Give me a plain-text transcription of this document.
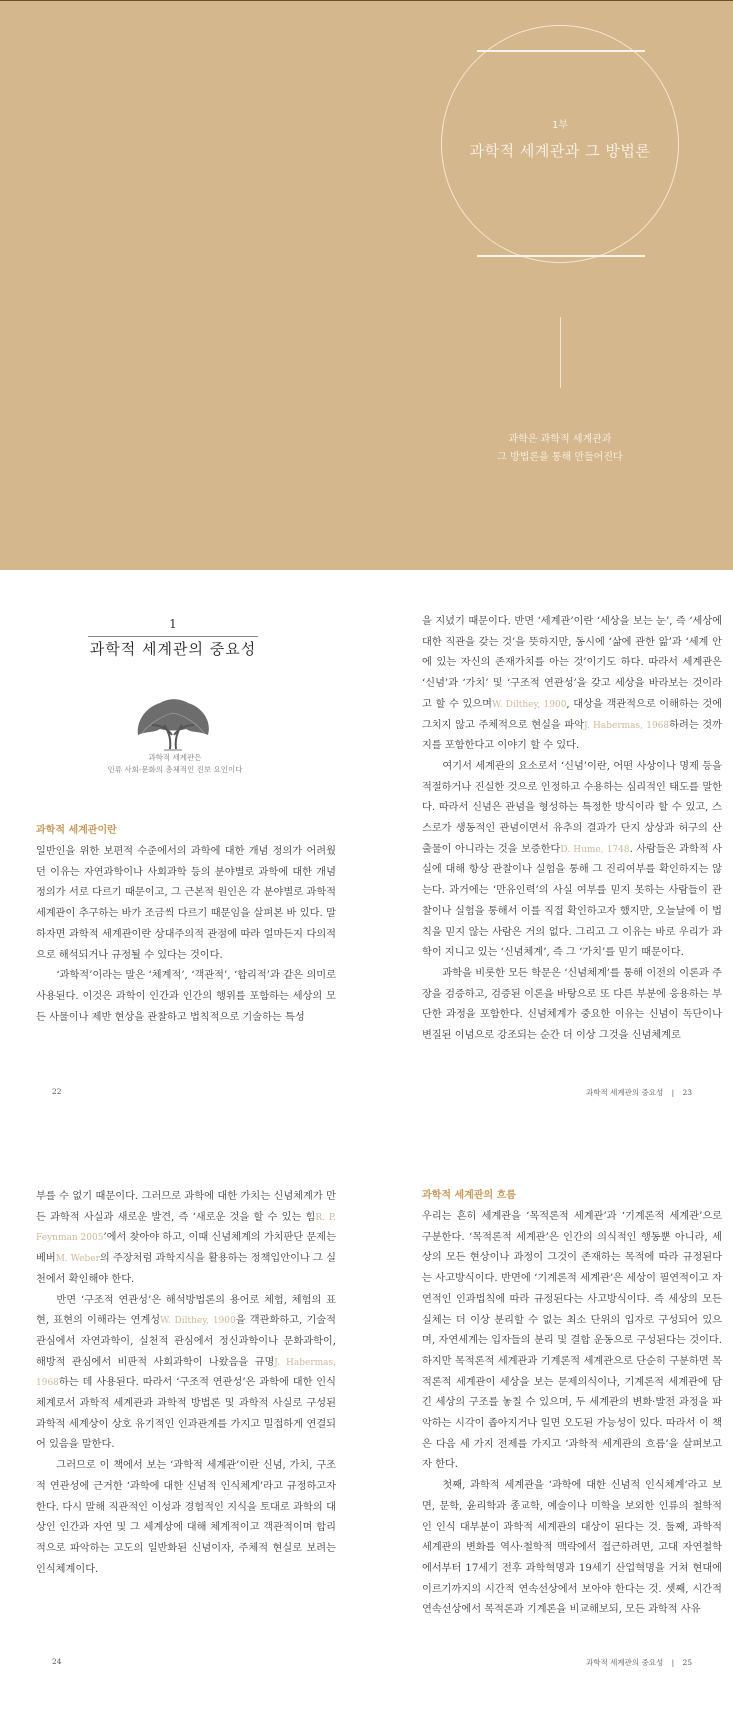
1부
과학적 세계관과 그 방법론
과학은 과학적 세계관과
그 방법론을 통해 만들어진다
1
과학적 세계관의 중요성
과학적 세계관은
인류 사회·문화의 총체적인 진보 요인이다
과학적 세계관이란

일반인을 위한 보편적 수준에서의 과학에 대한 개념 정의가 어려웠던 이유는 자연과학이나 사회과학 등의 분야별로 과학에 대한 개념 정의가 서로 다르기 때문이고, 그 근본적 원인은 각 분야별로 과학적 세계관이 추구하는 바가 조금씩 다르기 때문임을 살펴본 바 있다. 말하자면 과학적 세계관이란 상대주의적 관점에 따라 얼마든지 다의적으로 해석되거나 규정될 수 있다는 것이다.

‘과학적’이라는 말은 ‘체계적’, ‘객관적’, ‘합리적’과 같은 의미로 사용된다. 이것은 과학이 인간과 인간의 행위를 포함하는 세상의 모든 사물이나 제반 현상을 관찰하고 법칙적으로 기술하는 특성

22

을 지녔기 때문이다. 반면 ‘세계관’이란 ‘세상을 보는 눈’, 즉 ‘세상에 대한 직관을 갖는 것’을 뜻하지만, 동시에 ‘삶에 관한 앎’과 ‘세계 안에 있는 자신의 존재가치를 아는 것’이기도 하다. 따라서 세계관은 ‘신념’과 ‘가치’ 및 ‘구조적 연관성’을 갖고 세상을 바라보는 것이라고 할 수 있으며W. Dilthey, 1900, 대상을 객관적으로 이해하는 것에 그치지 않고 주체적으로 현실을 파악J. Habermas, 1968하려는 것까지를 포함한다고 이야기 할 수 있다.

여기서 세계관의 요소로서 ‘신념’이란, 어떤 사상이나 명제 등을 적절하거나 진실한 것으로 인정하고 수용하는 심리적인 태도를 말한다. 따라서 신념은 관념을 형성하는 특정한 방식이라 할 수 있고, 스스로가 생동적인 관념이면서 유추의 결과가 단지 상상과 허구의 산출물이 아니라는 것을 보증한다D. Hume, 1748. 사람들은 과학적 사실에 대해 항상 관찰이나 실험을 통해 그 진리여부를 확인하지는 않는다. 과거에는 ‘만유인력’의 사실 여부를 믿지 못하는 사람들이 관찰이나 실험을 통해서 이를 직접 확인하고자 했지만, 오늘날에 이 법칙을 믿지 않는 사람은 거의 없다. 그리고 그 이유는 바로 우리가 과학이 지니고 있는 ‘신념체계’, 즉 그 ‘가치’를 믿기 때문이다.

과학을 비롯한 모든 학문은 ‘신념체계’를 통해 이전의 이론과 주장을 검증하고, 검증된 이론을 바탕으로 또 다른 부분에 응용하는 부단한 과정을 포함한다. 신념체계가 중요한 이유는 신념이 독단이나 변질된 이념으로 강조되는 순간 더 이상 그것을 신념체계로

과학적 세계관의 중요성 | 23

부를 수 없기 때문이다. 그러므로 과학에 대한 가치는 신념체계가 만든 과학적 사실과 새로운 발견, 즉 ‘새로운 것을 할 수 있는 힘R. P. Feynman 2005’에서 찾아야 하고, 이때 신념체계의 가치판단 문제는 베버M. Weber의 주장처럼 과학지식을 활용하는 정책입안이나 그 실천에서 확인해야 한다.

반면 ‘구조적 연관성’은 해석방법론의 용어로 체험, 체험의 표현, 표현의 이해라는 연계성W. Dilthey, 1900을 객관화하고, 기술적 관심에서 자연과학이, 실천적 관심에서 정신과학이나 문화과학이, 해방적 관심에서 비판적 사회과학이 나왔음을 규명J. Habermas, 1968하는 데 사용된다. 따라서 ‘구조적 연관성’은 과학에 대한 인식체계로서 과학적 세계관과 과학적 방법론 및 과학적 사실로 구성된 과학적 세계상이 상호 유기적인 인과관계를 가지고 밀접하게 연결되어 있음을 말한다.

그러므로 이 책에서 보는 ‘과학적 세계관’이란 신념, 가치, 구조적 연관성에 근거한 ‘과학에 대한 신념적 인식체계’라고 규정하고자 한다. 다시 말해 직관적인 이성과 경험적인 지식을 토대로 과학의 대상인 인간과 자연 및 그 세계상에 대해 체계적이고 객관적이며 합리적으로 파악하는 고도의 일반화된 신념이자, 주체적 현실로 보려는 인식체계이다.

24
과학적 세계관의 흐름

우리는 흔히 세계관을 ‘목적론적 세계관’과 ‘기계론적 세계관’으로 구분한다. ‘목적론적 세계관’은 인간의 의식적인 행동뿐 아니라, 세상의 모든 현상이나 과정이 그것이 존재하는 목적에 따라 규정된다는 사고방식이다. 반면에 ‘기계론적 세계관’은 세상이 필연적이고 자연적인 인과법칙에 따라 규정된다는 사고방식이다. 즉 세상의 모든 실체는 더 이상 분리할 수 없는 최소 단위의 입자로 구성되어 있으며, 자연세계는 입자들의 분리 및 결합 운동으로 구성된다는 것이다. 하지만 목적론적 세계관과 기계론적 세계관으로 단순히 구분하면 목적론적 세계관이 세상을 보는 문제의식이나, 기계론적 세계관에 담긴 세상의 구조를 놓칠 수 있으며, 두 세계관의 변화·발전 과정을 파악하는 시각이 좁아지거나 일면 오도된 가능성이 있다. 따라서 이 책은 다음 세 가지 전제를 가지고 ‘과학적 세계관의 흐름’을 살펴보고자 한다.

첫째, 과학적 세계관을 ‘과학에 대한 신념적 인식체계’라고 보면, 문학, 윤리학과 종교학, 예술이나 미학을 보외한 인류의 철학적인 인식 대부분이 과학적 세계관의 대상이 된다는 것. 둘째, 과학적 세계관의 변화를 역사·철학적 맥락에서 접근하려면, 고대 자연철학에서부터 17세기 전후 과학혁명과 19세기 산업혁명을 거쳐 현대에 이르기까지의 시간적 연속선상에서 보아야 한다는 것. 셋째, 시간적 연속선상에서 목적론과 기계론을 비교해보되, 모든 과학적 사유

과학적 세계관의 중요성 | 25
